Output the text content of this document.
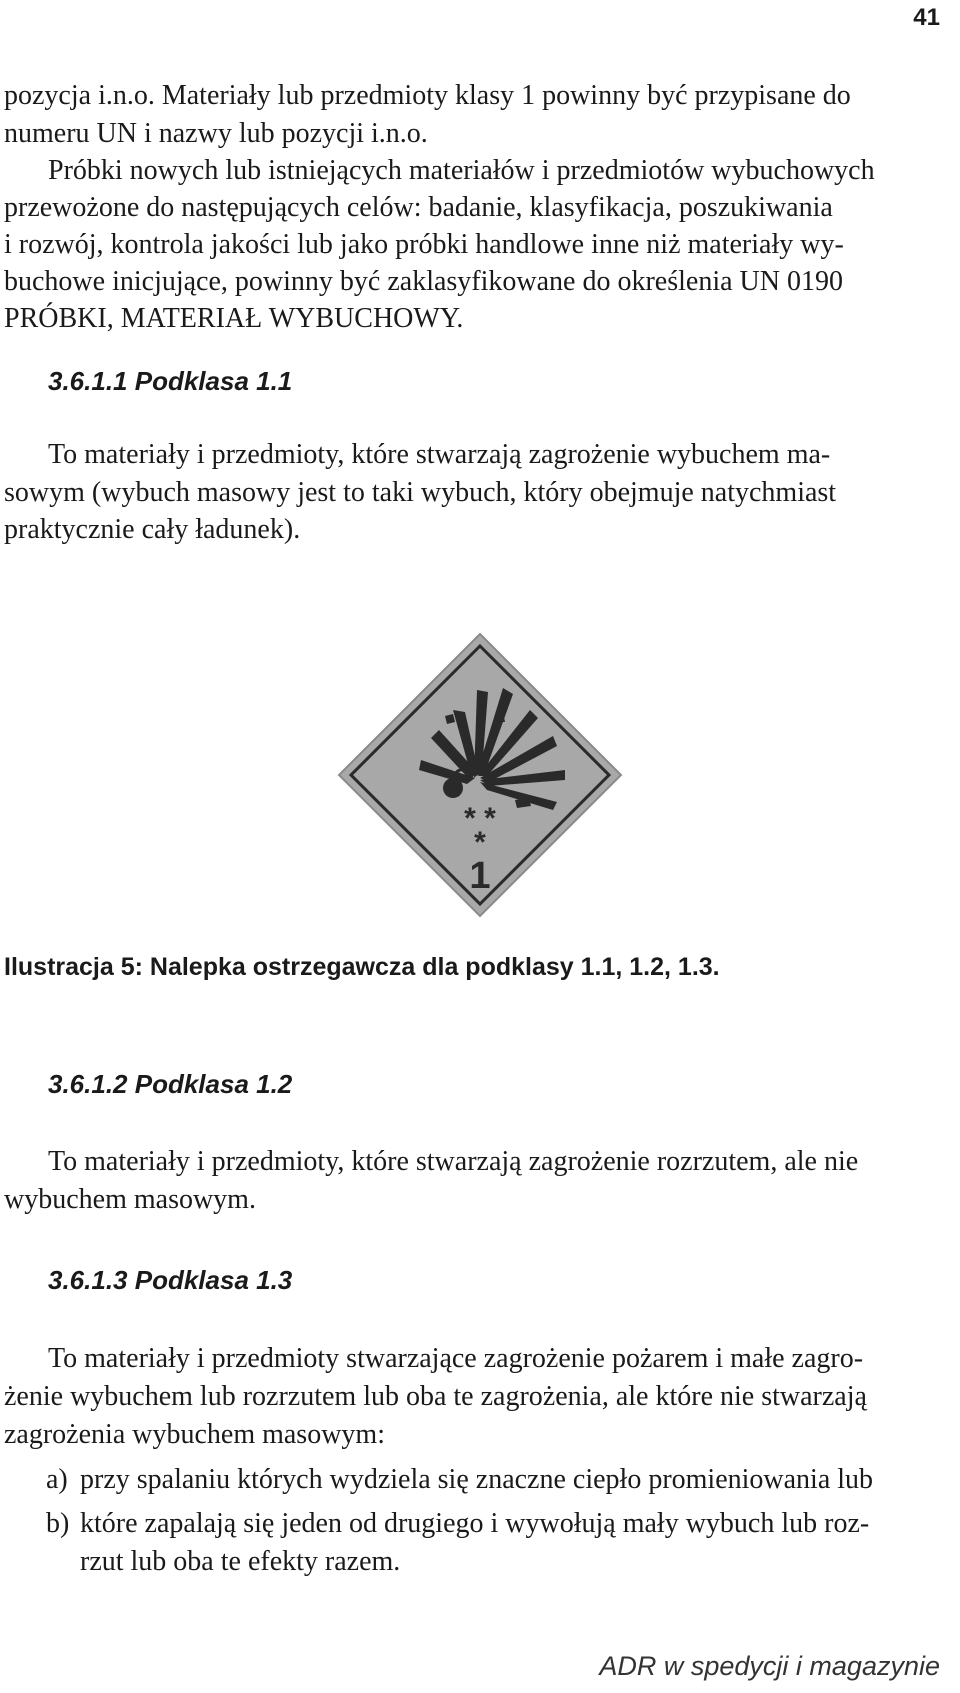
41
pozycja i.n.o. Materiały lub przedmioty klasy 1 powinny być przypisane do
numeru UN i nazwy lub pozycji i.n.o.
Próbki nowych lub istniejących materiałów i przedmiotów wybuchowych
przewożone do następujących celów: badanie, klasyfikacja, poszukiwania
i rozwój, kontrola jakości lub jako próbki handlowe inne niż materiały wy-
buchowe inicjujące, powinny być zaklasyfikowane do określenia UN 0190
PRÓBKI, MATERIAŁ WYBUCHOWY.
3.6.1.1 Podklasa 1.1
To materiały i przedmioty, które stwarzają zagrożenie wybuchem ma-
sowym (wybuch masowy jest to taki wybuch, który obejmuje natychmiast
praktycznie cały ładunek).
* *
*
1
Ilustracja 5: Nalepka ostrzegawcza dla podklasy 1.1, 1.2, 1.3.
3.6.1.2 Podklasa 1.2
To materiały i przedmioty, które stwarzają zagrożenie rozrzutem, ale nie
wybuchem masowym.
3.6.1.3 Podklasa 1.3
To materiały i przedmioty stwarzające zagrożenie pożarem i małe zagro-
żenie wybuchem lub rozrzutem lub oba te zagrożenia, ale które nie stwarzają
zagrożenia wybuchem masowym:
a) przy spalaniu których wydziela się znaczne ciepło promieniowania lub
b) które zapalają się jeden od drugiego i wywołują mały wybuch lub roz-
rzut lub oba te efekty razem.
ADR w spedycji i magazynie
